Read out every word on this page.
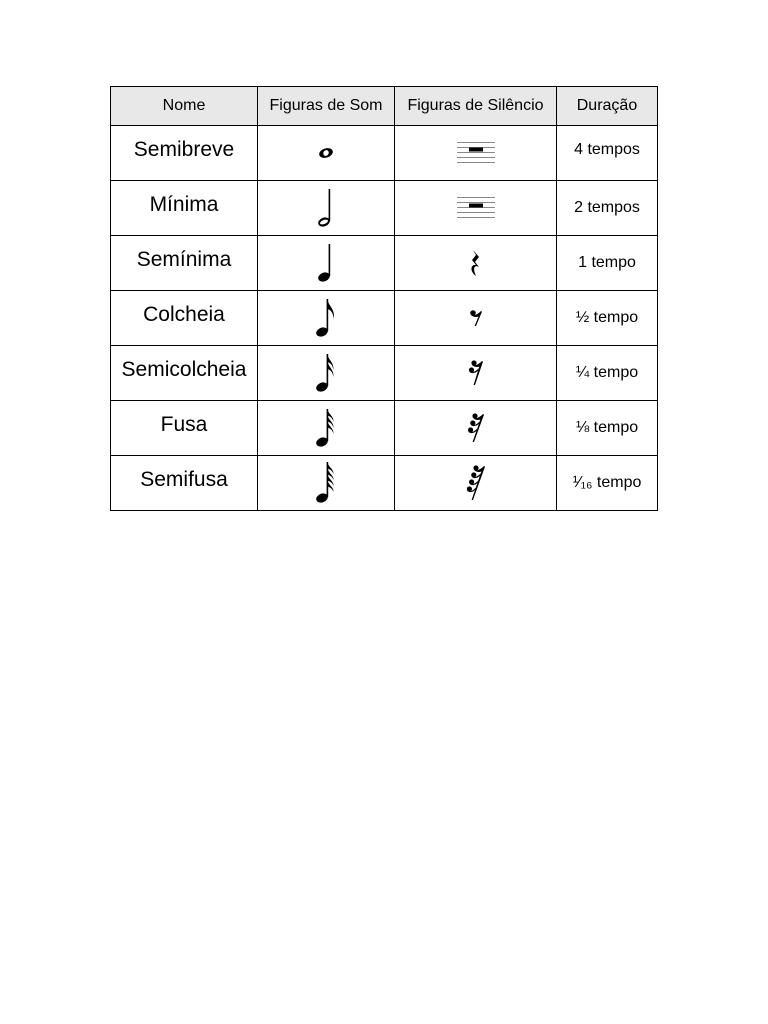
Nome	Figuras de Som	Figuras de Silêncio	Duração
Semibreve			4 tempos
Mínima			2 tempos
Semínima			1 tempo
Colcheia			½ tempo
Semicolcheia			¼ tempo
Fusa			⅛ tempo
Semifusa			¹⁄₁₆ tempo
